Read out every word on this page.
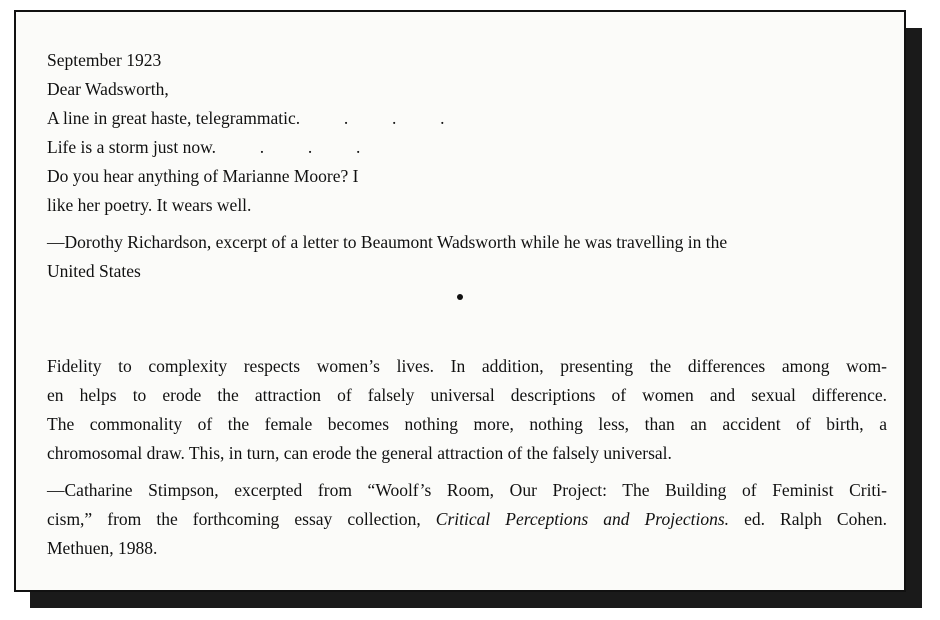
September 1923
Dear Wadsworth,
A line in great haste, telegrammatic.          .          .          .
Life is a storm just now.          .          .          .
Do you hear anything of Marianne Moore? I
like her poetry. It wears well.
—Dorothy Richardson, excerpt of a letter to Beaumont Wadsworth while he was travelling in the
United States
Fidelity to complexity respects women’s lives. In addition, presenting the differences among wom-
en helps to erode the attraction of falsely universal descriptions of women and sexual difference.
The commonality of the female becomes nothing more, nothing less, than an accident of birth, a
chromosomal draw. This, in turn, can erode the general attraction of the falsely universal.
—Catharine Stimpson, excerpted from “Woolf’s Room, Our Project: The Building of Feminist Criti-
cism,” from the forthcoming essay collection, Critical Perceptions and Projections. ed. Ralph Cohen.
Methuen, 1988.
